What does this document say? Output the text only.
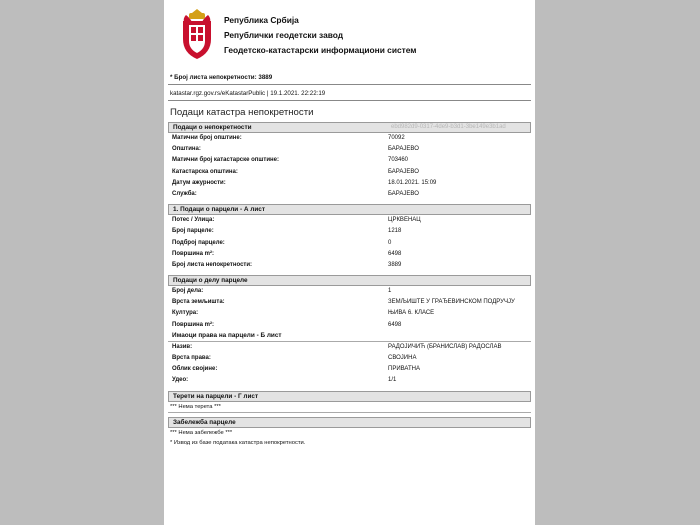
Република Србија
Републички геодетски завод
Геодетско-катастарски информациони систем
* Број листа непокретности: 3889
katastar.rgz.gov.rs/eKatastarPublic | 19.1.2021. 22:22:19
Подаци катастра непокретности
Подаци о непокретности	ebd982d9-0317-4de9-b3d1-3be149e3b1ad
Матични број општине:	70092
Општина:	БАРАЈЕВО
Матични број катастарске општине:	703460
Катастарска општина:	БАРАЈЕВО
Датум ажурности:	18.01.2021. 15:09
Служба:	БАРАЈЕВО
1. Подаци о парцели - А лист
Потес / Улица:	ЦРКВЕНАЦ
Број парцеле:	1218
Подброј парцеле:	0
Површина m²:	6498
Број листа непокретности:	3889
Подаци о делу парцеле
Број дела:	1
Врста земљишта:	ЗЕМЉИШТЕ У ГРАЂЕВИНСКОМ ПОДРУЧЈУ
Култура:	ЊИВА 6. КЛАСЕ
Површина m²:	6498
Имаоци права на парцели - Б лист
Назив:	РАДОЈИЧИЋ (БРАНИСЛАВ) РАДОСЛАВ
Врста права:	СВОЈИНА
Облик својине:	ПРИВАТНА
Удео:	1/1
Терети на парцели - Г лист
*** Нема терета ***
Забележба парцеле
*** Нема забележбе ***
* Извод из базе података катастра непокретности.
